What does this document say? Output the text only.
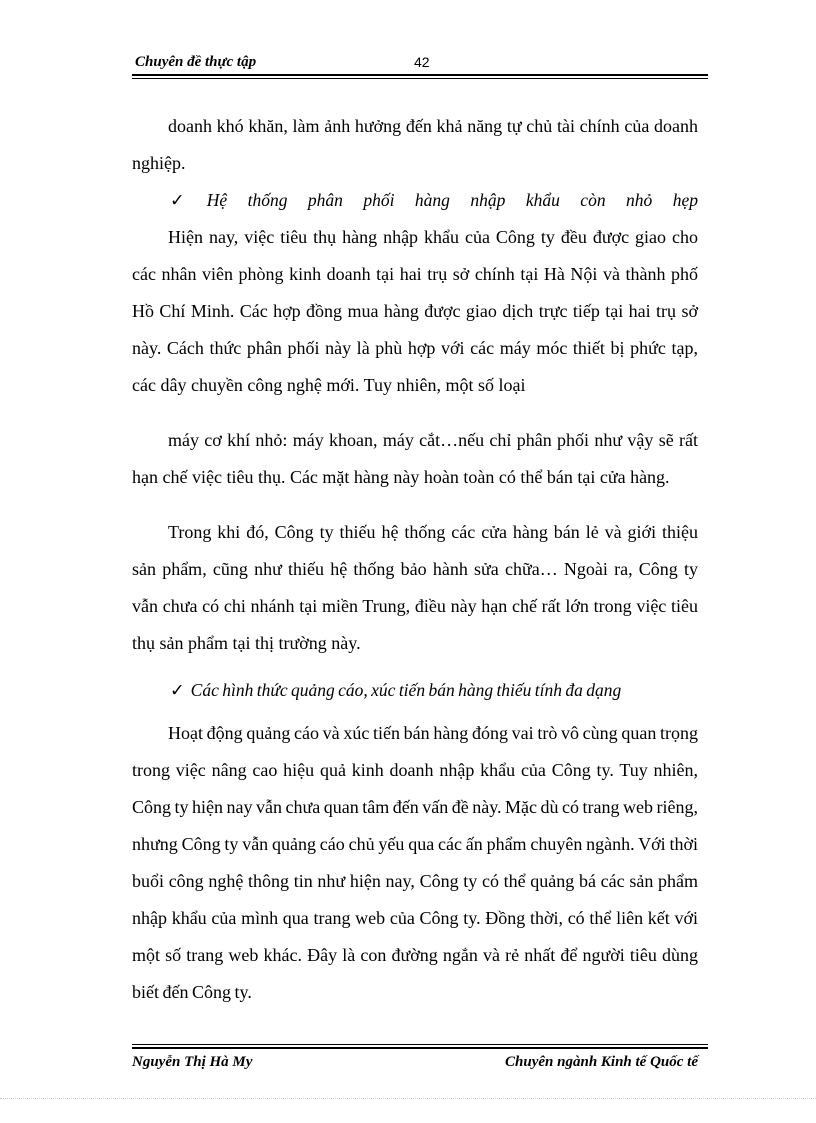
Chuyên đề thực tập	42

doanh khó khăn, làm ảnh hưởng đến khả năng tự chủ tài chính của doanh nghiệp.

✓ Hệ thống phân phối hàng nhập khẩu còn nhỏ hẹp

Hiện nay, việc tiêu thụ hàng nhập khẩu của Công ty đều được giao cho các nhân viên phòng kinh doanh tại hai trụ sở chính tại Hà Nội và thành phố Hồ Chí Minh. Các hợp đồng mua hàng được giao dịch trực tiếp tại hai trụ sở này. Cách thức phân phối này là phù hợp với các máy móc thiết bị phức tạp, các dây chuyền công nghệ mới. Tuy nhiên, một số loại

máy cơ khí nhỏ: máy khoan, máy cắt…nếu chỉ phân phối như vậy sẽ rất hạn chế việc tiêu thụ. Các mặt hàng này hoàn toàn có thể bán tại cửa hàng.

Trong khi đó, Công ty thiếu hệ thống các cửa hàng bán lẻ và giới thiệu sản phẩm, cũng như thiếu hệ thống bảo hành sửa chữa… Ngoài ra, Công ty vẫn chưa có chi nhánh tại miền Trung, điều này hạn chế rất lớn trong việc tiêu thụ sản phẩm tại thị trường này.

✓ Các hình thức quảng cáo, xúc tiến bán hàng thiếu tính đa dạng

Hoạt động quảng cáo và xúc tiến bán hàng đóng vai trò vô cùng quan trọng trong việc nâng cao hiệu quả kinh doanh nhập khẩu của Công ty. Tuy nhiên, Công ty hiện nay vẫn chưa quan tâm đến vấn đề này. Mặc dù có trang web riêng, nhưng Công ty vẫn quảng cáo chủ yếu qua các ấn phẩm chuyên ngành. Với thời buổi công nghệ thông tin như hiện nay, Công ty có thể quảng bá các sản phẩm nhập khẩu của mình qua trang web của Công ty. Đồng thời, có thể liên kết với một số trang web khác. Đây là con đường ngắn và rẻ nhất để người tiêu dùng biết đến Công ty.

Nguyễn Thị Hà My	Chuyên ngành Kinh tế Quốc tế
